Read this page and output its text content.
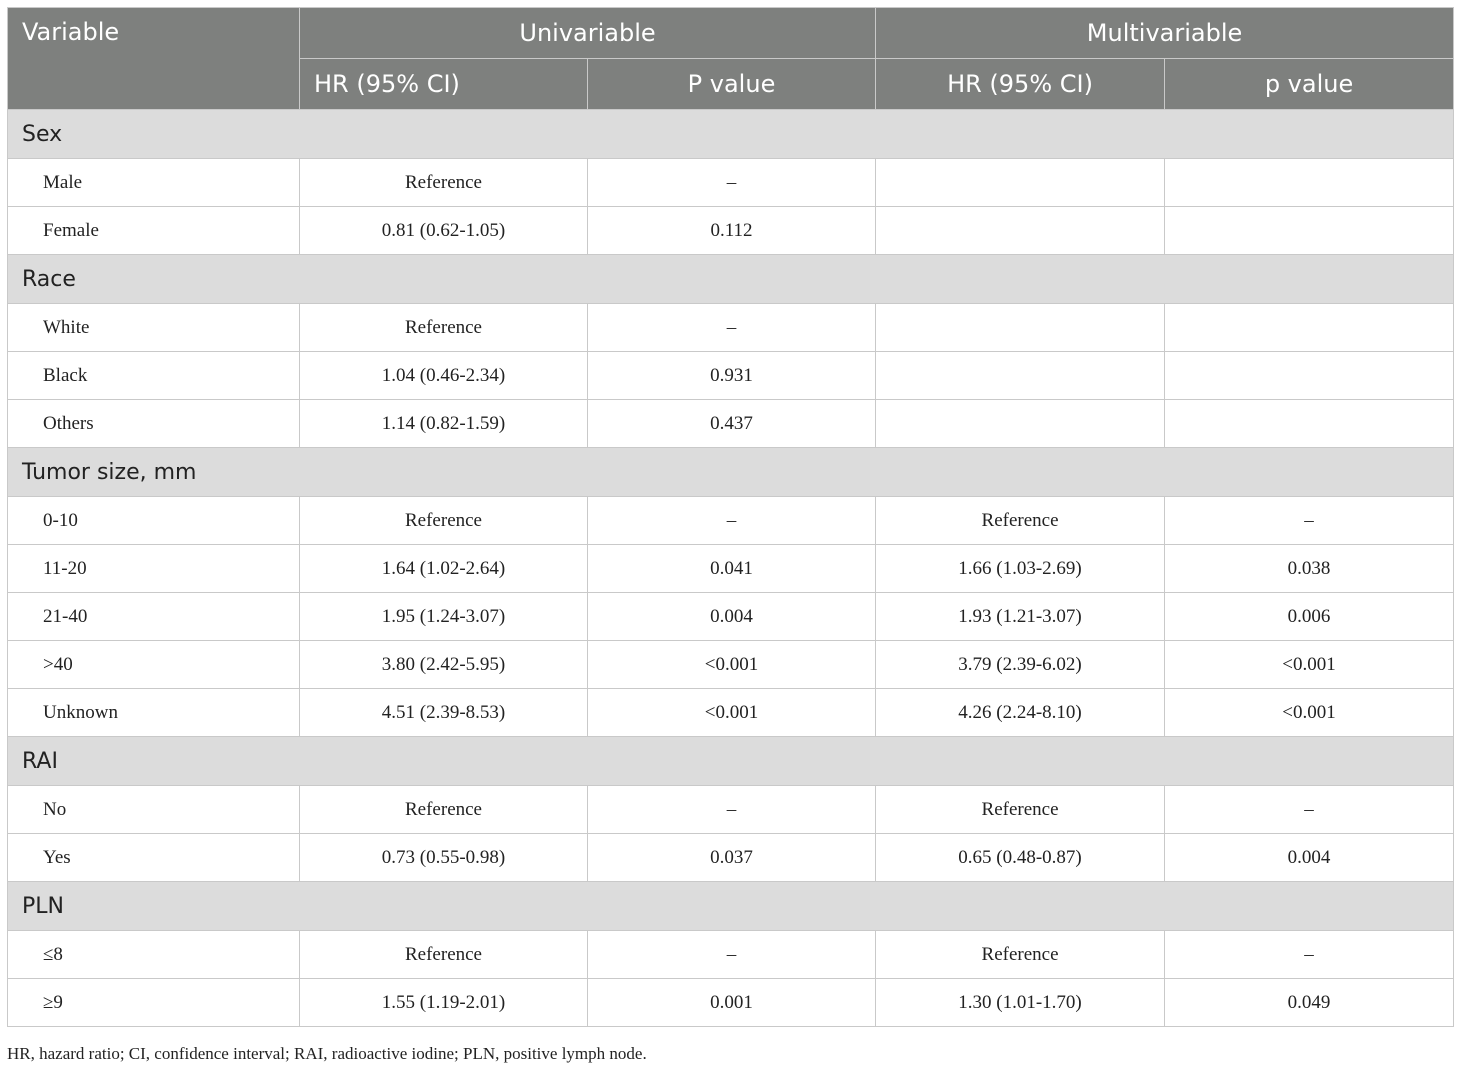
Variable	Univariable		Multivariable	
	HR (95% CI)	P value	HR (95% CI)	p value
Sex				
Male	Reference	–		
Female	0.81 (0.62-1.05)	0.112		
Race				
White	Reference	–		
Black	1.04 (0.46-2.34)	0.931		
Others	1.14 (0.82-1.59)	0.437		
Tumor size, mm				
0-10	Reference	–	Reference	–
11-20	1.64 (1.02-2.64)	0.041	1.66 (1.03-2.69)	0.038
21-40	1.95 (1.24-3.07)	0.004	1.93 (1.21-3.07)	0.006
>40	3.80 (2.42-5.95)	<0.001	3.79 (2.39-6.02)	<0.001
Unknown	4.51 (2.39-8.53)	<0.001	4.26 (2.24-8.10)	<0.001
RAI				
No	Reference	–	Reference	–
Yes	0.73 (0.55-0.98)	0.037	0.65 (0.48-0.87)	0.004
PLN				
≤8	Reference	–	Reference	–
≥9	1.55 (1.19-2.01)	0.001	1.30 (1.01-1.70)	0.049
HR, hazard ratio; CI, confidence interval; RAI, radioactive iodine; PLN, positive lymph node.
